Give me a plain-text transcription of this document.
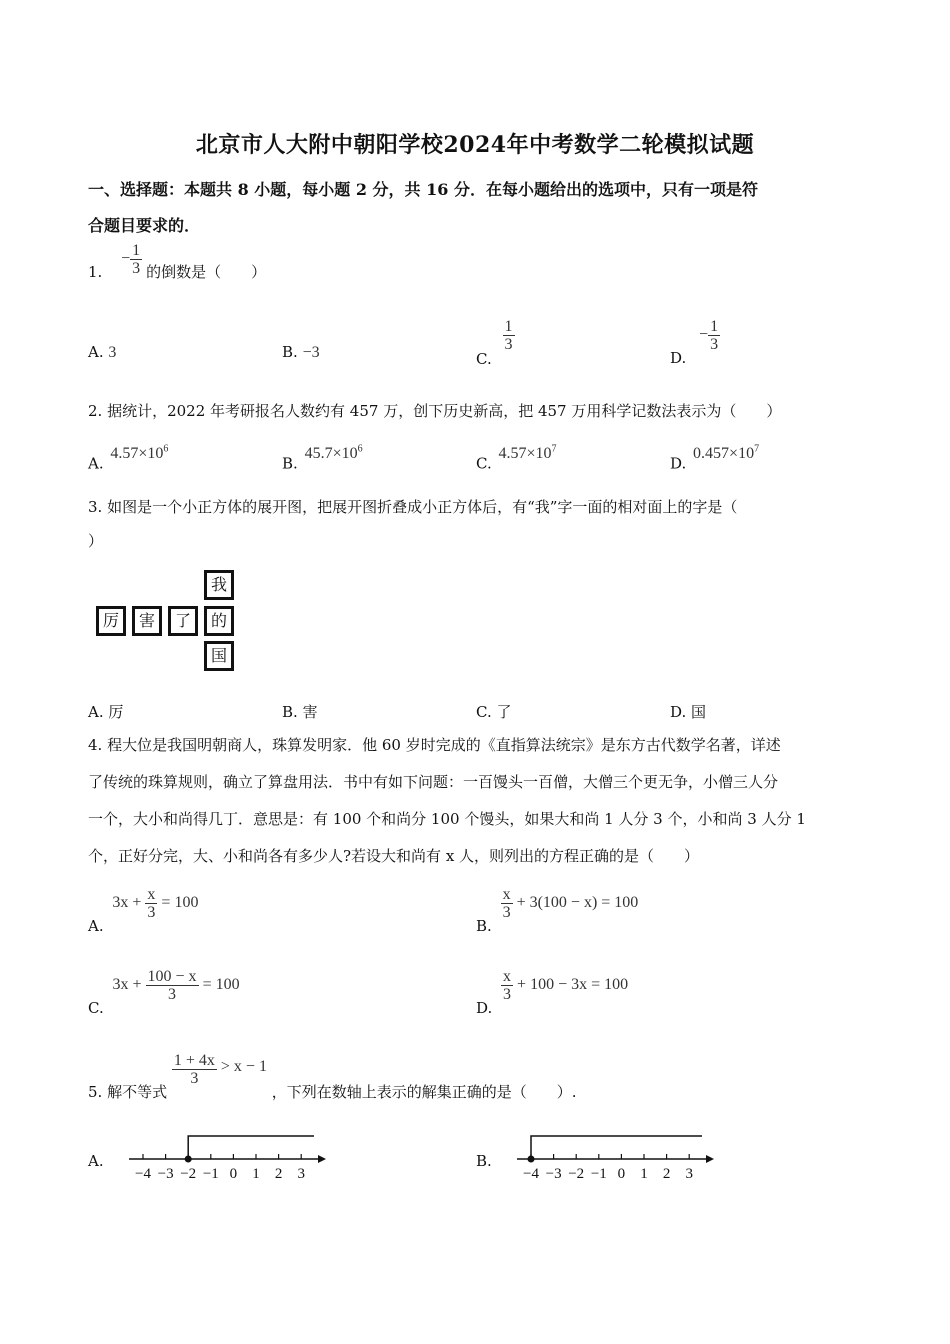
北京市人大附中朝阳学校2024年中考数学二轮模拟试题
一、选择题：本题共 8 小题，每小题 2 分，共 16 分．在每小题给出的选项中，只有一项是符
合题目要求的．
1. − $\frac{1}{3}$ 的倒数是（　　）
A. 3	B. −3	C.
$\frac{1}{3}$
D. − $\frac{1}{3}$
2. 据统计，2022 年考研报名人数约有 457 万，创下历史新高，把 457 万用科学记数法表示为（　　）
A. $4.57\times 10^6$
B. $45.7\times 10^6$
C. $4.57\times 10^7$
D. $0.457\times 10^7$
3. 如图是一个小正方体的展开图，把展开图折叠成小正方体后，有“我”字一面的相对面上的字是（
）
我
厉	害	了	的
国
A. 厉	B. 害	C. 了	D. 国
4. 程大位是我国明朝商人，珠算发明家．他 60 岁时完成的《直指算法统宗》是东方古代数学名著，详述
了传统的珠算规则，确立了算盘用法．书中有如下问题：一百馒头一百僧，大僧三个更无争，小僧三人分
一个，大小和尚得几丁．意思是：有 100 个和尚分 100 个馒头，如果大和尚 1 人分 3 个，小和尚 3 人分 1
个，正好分完，大、小和尚各有多少人?若设大和尚有 x 人，则列出的方程正确的是（　　）
A. $3x + \frac{x}{3} = 100$
B.
$\frac{x}{3} + 3(100 - x) = 100$
C. $3x + \frac{100 - x}{3} = 100$
D.
$\frac{x}{3} + 100 - 3x = 100$
5. 解不等式
$\frac{1 + 4x}{3} > x - 1$ ，下列在数轴上表示的解集正确的是（　　）.
A.
−4 −3 −2 −1 0 1 2 3
B.
−4 −3 −2 −1 0 1 2 3
